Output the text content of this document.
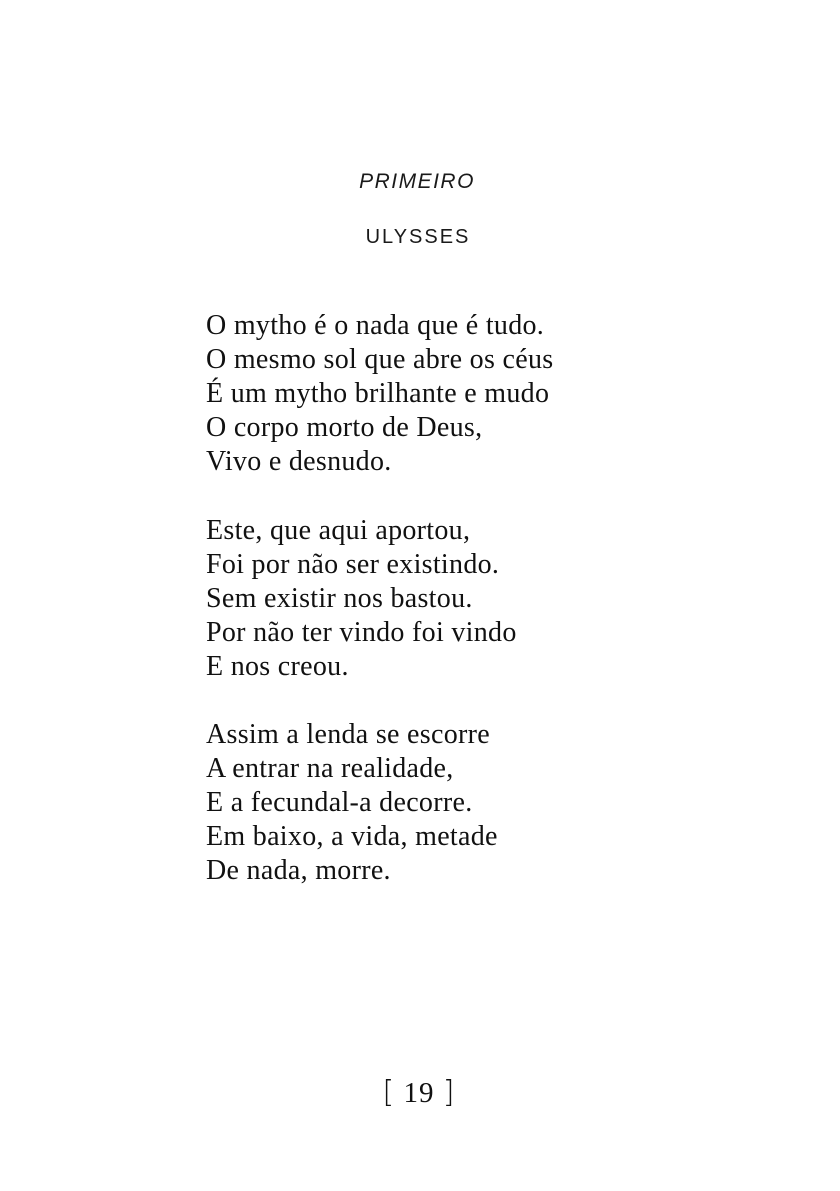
PRIMEIRO
ULYSSES
O mytho é o nada que é tudo.
O mesmo sol que abre os céus
É um mytho brilhante e mudo
O corpo morto de Deus,
Vivo e desnudo.
Este, que aqui aportou,
Foi por não ser existindo.
Sem existir nos bastou.
Por não ter vindo foi vindo
E nos creou.
Assim a lenda se escorre
A entrar na realidade,
E a fecundal-a decorre.
Em baixo, a vida, metade
De nada, morre.
[ 19 ]
